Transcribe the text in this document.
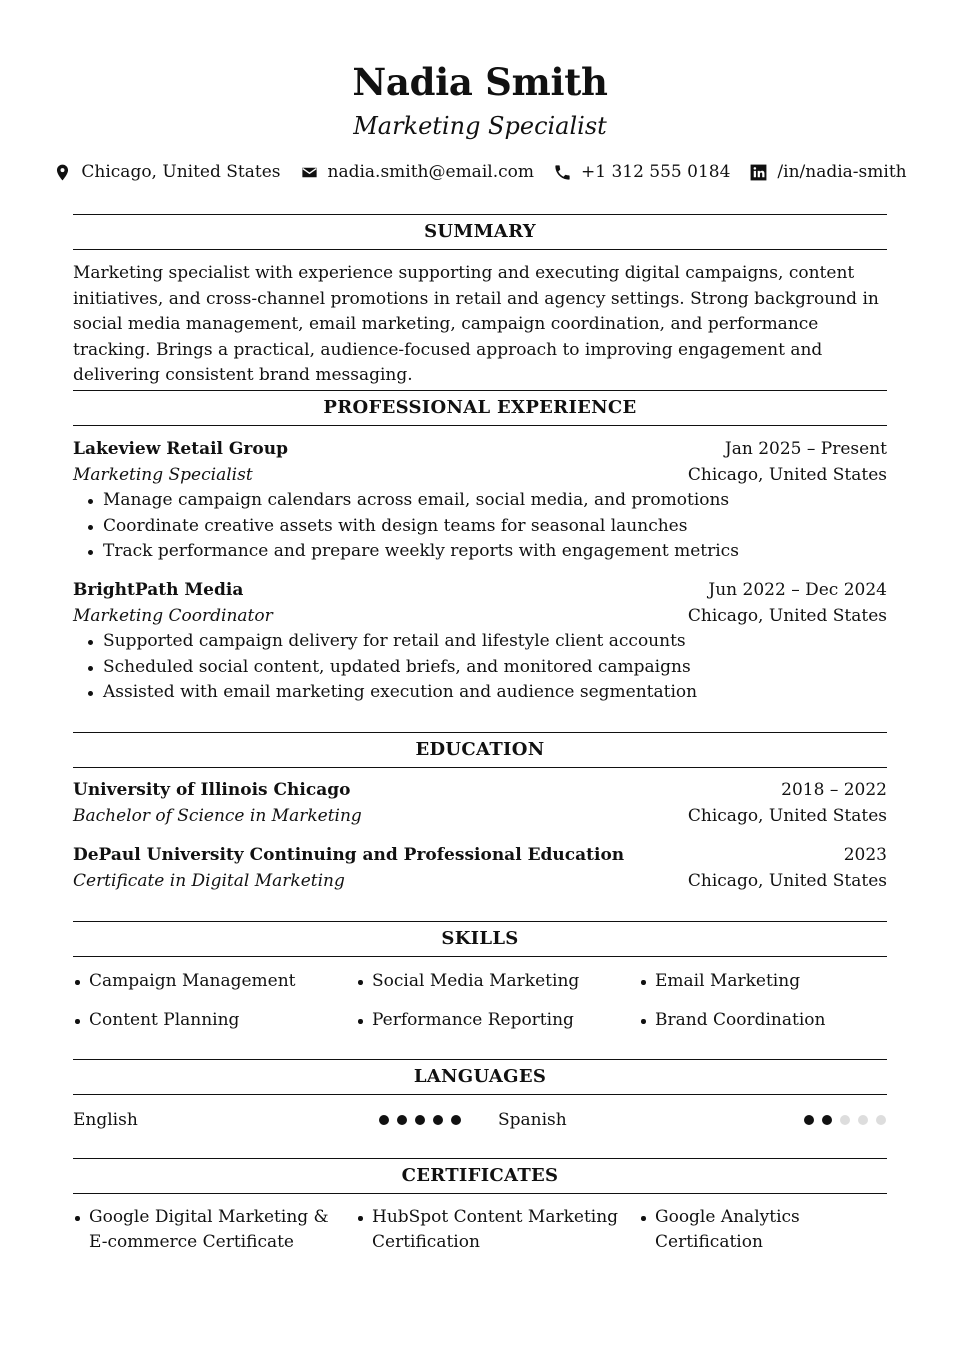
Nadia Smith
Marketing Specialist
Chicago, United States	nadia.smith@email.com	+1 312 555 0184	/in/nadia-smith
SUMMARY
Marketing specialist with experience supporting and executing digital campaigns, content initiatives, and cross-channel promotions in retail and agency settings. Strong background in social media management, email marketing, campaign coordination, and performance tracking. Brings a practical, audience-focused approach to improving engagement and delivering consistent brand messaging.
PROFESSIONAL EXPERIENCE
Lakeview Retail Group	Jan 2025 – Present
Marketing Specialist	Chicago, United States
Manage campaign calendars across email, social media, and promotions
Coordinate creative assets with design teams for seasonal launches
Track performance and prepare weekly reports with engagement metrics
BrightPath Media	Jun 2022 – Dec 2024
Marketing Coordinator	Chicago, United States
Supported campaign delivery for retail and lifestyle client accounts
Scheduled social content, updated briefs, and monitored campaigns
Assisted with email marketing execution and audience segmentation
EDUCATION
University of Illinois Chicago	2018 – 2022
Bachelor of Science in Marketing	Chicago, United States
DePaul University Continuing and Professional Education	2023
Certificate in Digital Marketing	Chicago, United States
SKILLS
Campaign Management	Social Media Marketing	Email Marketing
Content Planning	Performance Reporting	Brand Coordination
LANGUAGES
English	Spanish
CERTIFICATES
Google Digital Marketing & E-commerce Certificate
HubSpot Content Marketing Certification
Google Analytics Certification
